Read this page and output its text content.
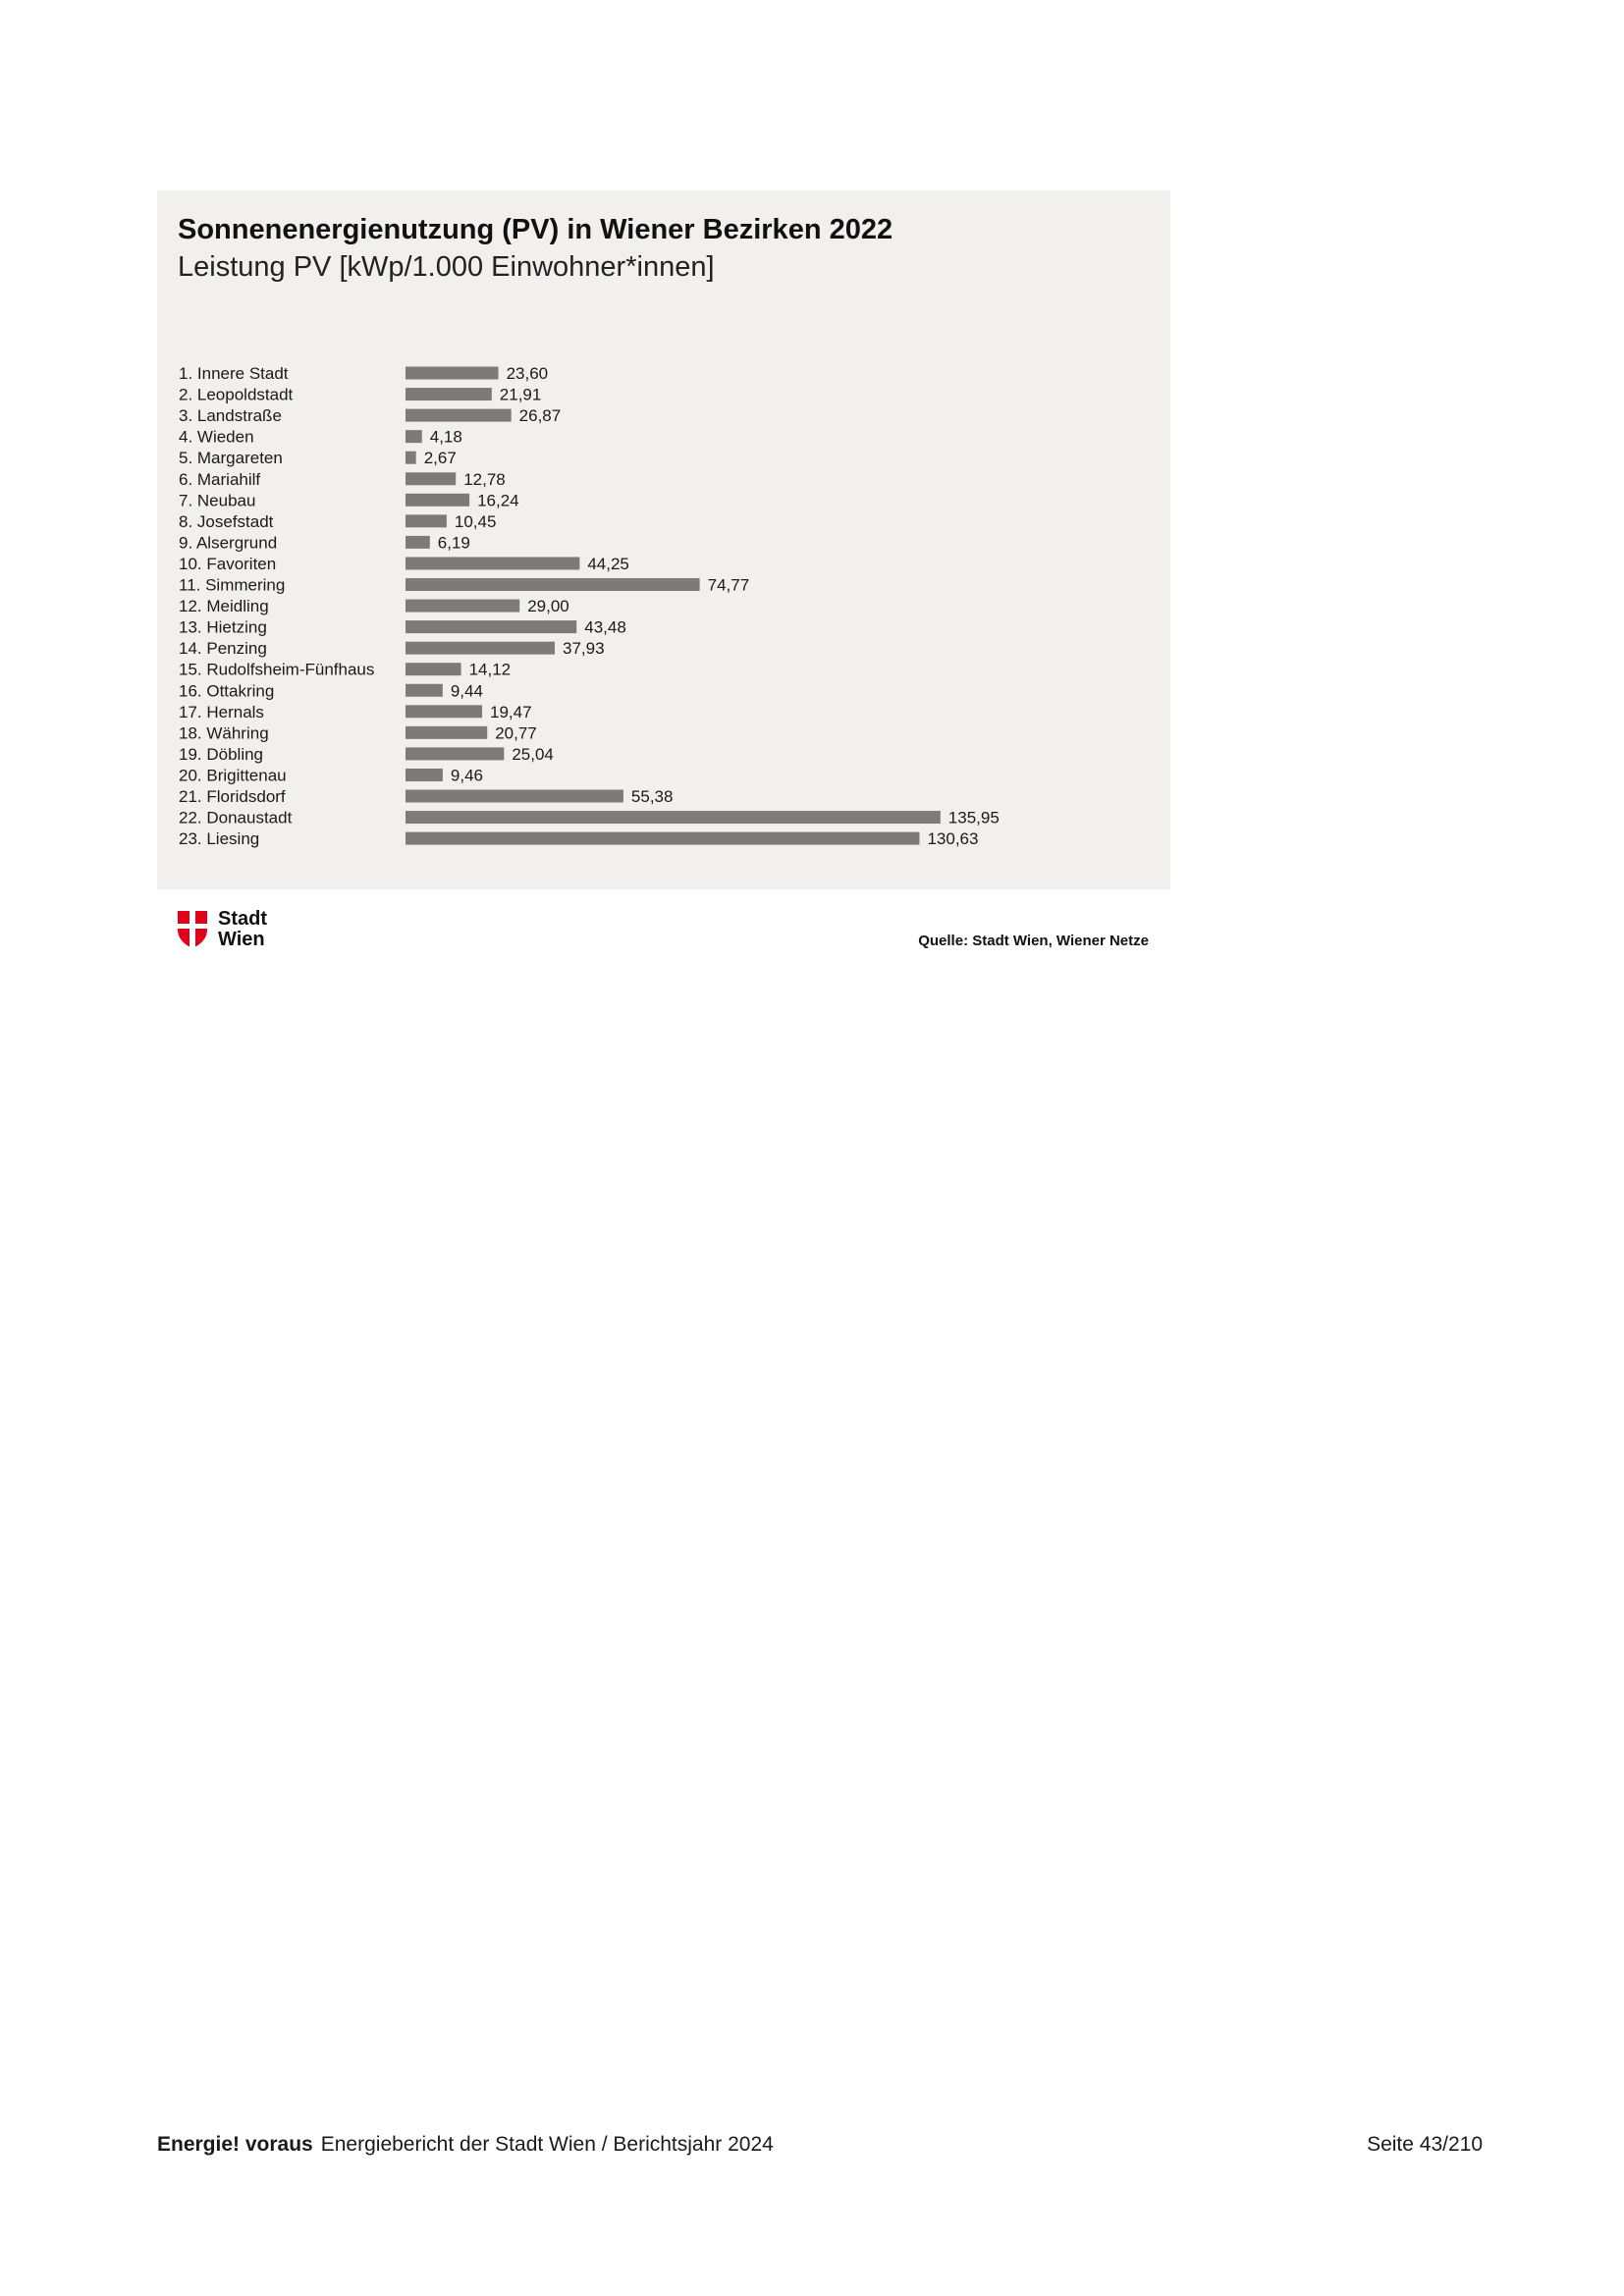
Sonnenenergienutzung (PV) in Wiener Bezirken 2022
Leistung PV [kWp/1.000 Einwohner*innen]
1. Innere Stadt	23,60
2. Leopoldstadt	21,91
3. Landstraße	26,87
4. Wieden	4,18
5. Margareten	2,67
6. Mariahilf	12,78
7. Neubau	16,24
8. Josefstadt	10,45
9. Alsergrund	6,19
10. Favoriten	44,25
11. Simmering	74,77
12. Meidling	29,00
13. Hietzing	43,48
14. Penzing	37,93
15. Rudolfsheim-Fünfhaus	14,12
16. Ottakring	9,44
17. Hernals	19,47
18. Währing	20,77
19. Döbling	25,04
20. Brigittenau	9,46
21. Floridsdorf	55,38
22. Donaustadt	135,95
23. Liesing	130,63
Stadt
Wien	Quelle: Stadt Wien, Wiener Netze
Energie! voraus Energiebericht der Stadt Wien / Berichtsjahr 2024	Seite 43/210
